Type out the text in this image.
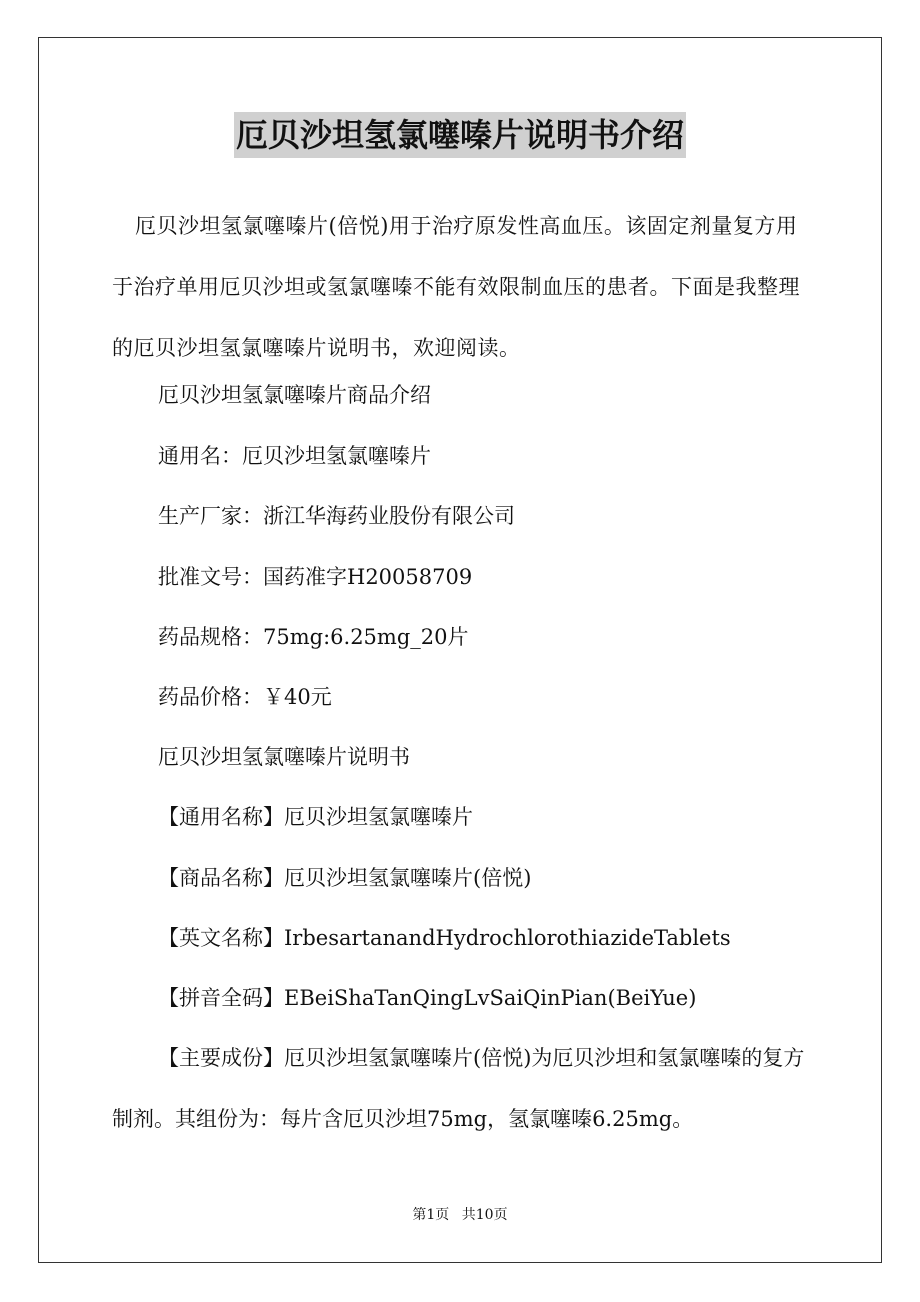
厄贝沙坦氢氯噻嗪片说明书介绍

厄贝沙坦氢氯噻嗪片(倍悦)用于治疗原发性高血压。该固定剂量复方用于治疗单用厄贝沙坦或氢氯噻嗪不能有效限制血压的患者。下面是我整理的厄贝沙坦氢氯噻嗪片说明书，欢迎阅读。

厄贝沙坦氢氯噻嗪片商品介绍

通用名：厄贝沙坦氢氯噻嗪片

生产厂家：浙江华海药业股份有限公司

批准文号：国药准字H20058709

药品规格：75mg:6.25mg_20片

药品价格：￥40元

厄贝沙坦氢氯噻嗪片说明书

【通用名称】厄贝沙坦氢氯噻嗪片

【商品名称】厄贝沙坦氢氯噻嗪片(倍悦)

【英文名称】IrbesartanandHydrochlorothiazideTablets

【拼音全码】EBeiShaTanQingLvSaiQinPian(BeiYue)

【主要成份】厄贝沙坦氢氯噻嗪片(倍悦)为厄贝沙坦和氢氯噻嗪的复方制剂。其组份为：每片含厄贝沙坦75mg，氢氯噻嗪6.25mg。

第1页 共10页
